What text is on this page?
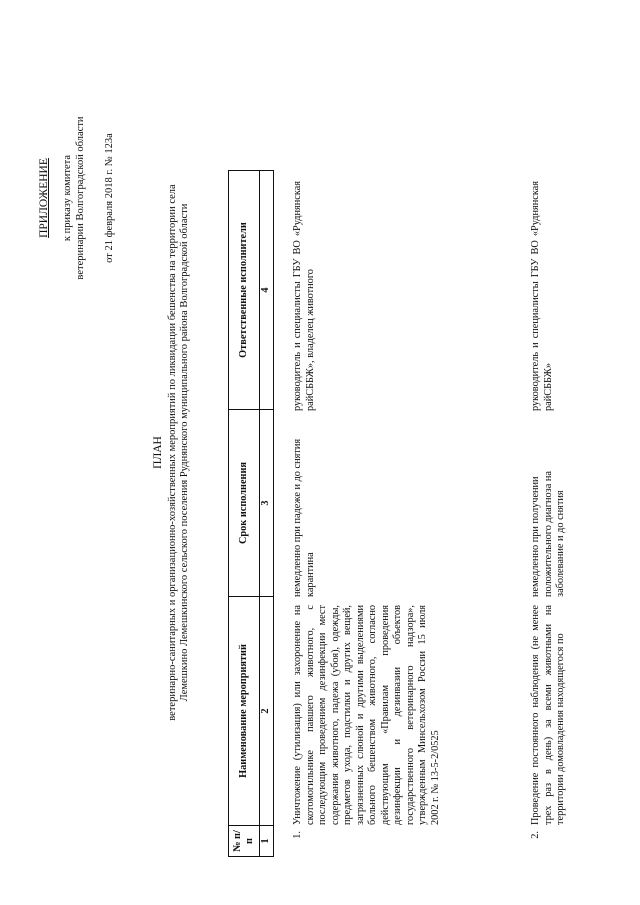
ПРИЛОЖЕНИЕ к приказу комитета ветеринарии Волгоградской области от 21 февраля 2018 г. № 123а
ПЛАН ветеринарно-санитарных и организационно-хозяйственных мероприятий по ликвидации бешенства на территории села Лемешкино Лемешкинского сельского поселения Руднянского муниципального района Волгоградской области
№ п/п	Наименование мероприятий	Срок исполнения	Ответственные исполнители
1	2	3	4
1.	Уничтожение (утилизация) или захоронение на скотомогильнике павшего животного, с последующим проведением дезинфекции мест содержания животного, падежа (убоя), одежды, предметов ухода, подстилки и других вещей, загрязненных слюной и другими выделениями больного бешенством животного, согласно действующим «Правилам проведения дезинфекции и дезинвазии объектов государственного ветеринарного надзора», утвержденным Минсельхозом России 15 июля 2002 г. № 13-5-2/0525	немедленно при падеже и до снятия карантина	руководитель и специалисты ГБУ ВО «Руднянская райСББЖ», владелец животного
2.	Проведение постоянного наблюдения (не менее трех раз в день) за всеми животными на территории домовладения находящегося по	немедленно при получении положительного диагноза на заболевание и до снятия	руководитель и специалисты ГБУ ВО «Руднянская райСББЖ»
